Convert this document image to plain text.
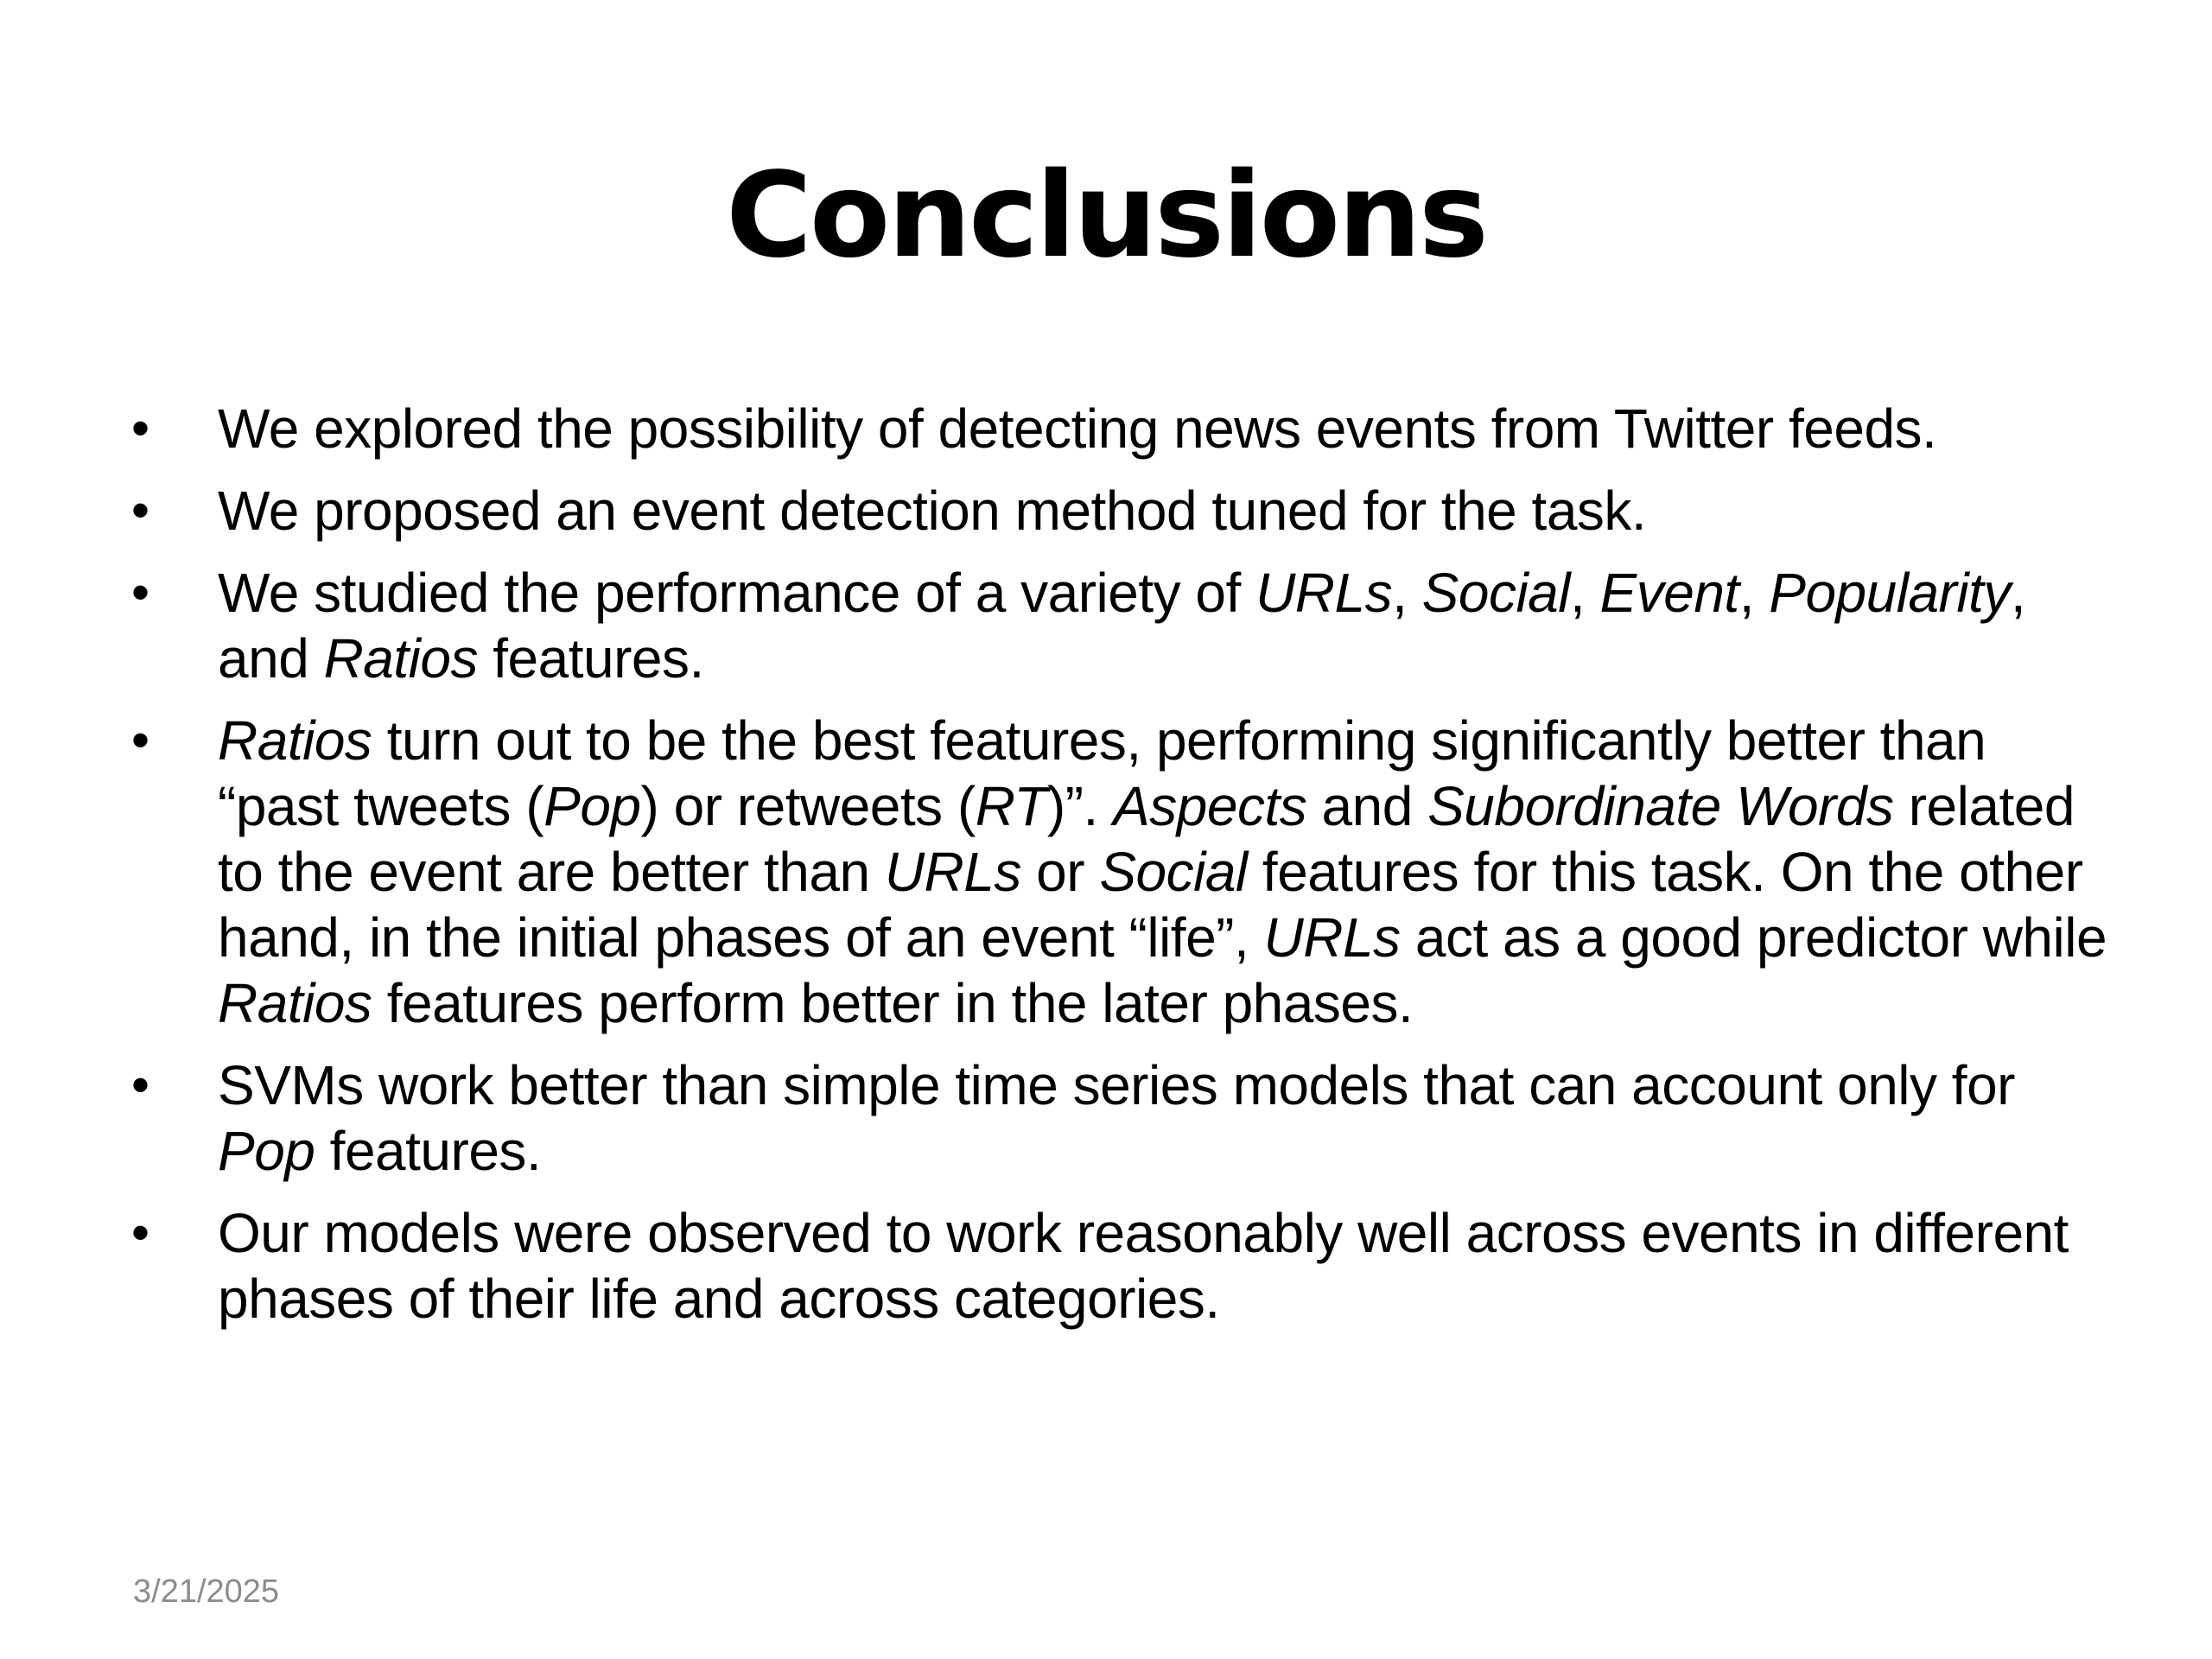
Conclusions
•	We explored the possibility of detecting news events from Twitter feeds.
•	We proposed an event detection method tuned for the task.
•	We studied the performance of a variety of URLs, Social, Event, Popularity, and Ratios features.
•	Ratios turn out to be the best features, performing significantly better than “past tweets (Pop) or retweets (RT)”. Aspects and Subordinate Words related to the event are better than URLs or Social features for this task. On the other hand, in the initial phases of an event “life”, URLs act as a good predictor while Ratios features perform better in the later phases.
•	SVMs work better than simple time series models that can account only for Pop features.
•	Our models were observed to work reasonably well across events in different phases of their life and across categories.
3/21/2025
